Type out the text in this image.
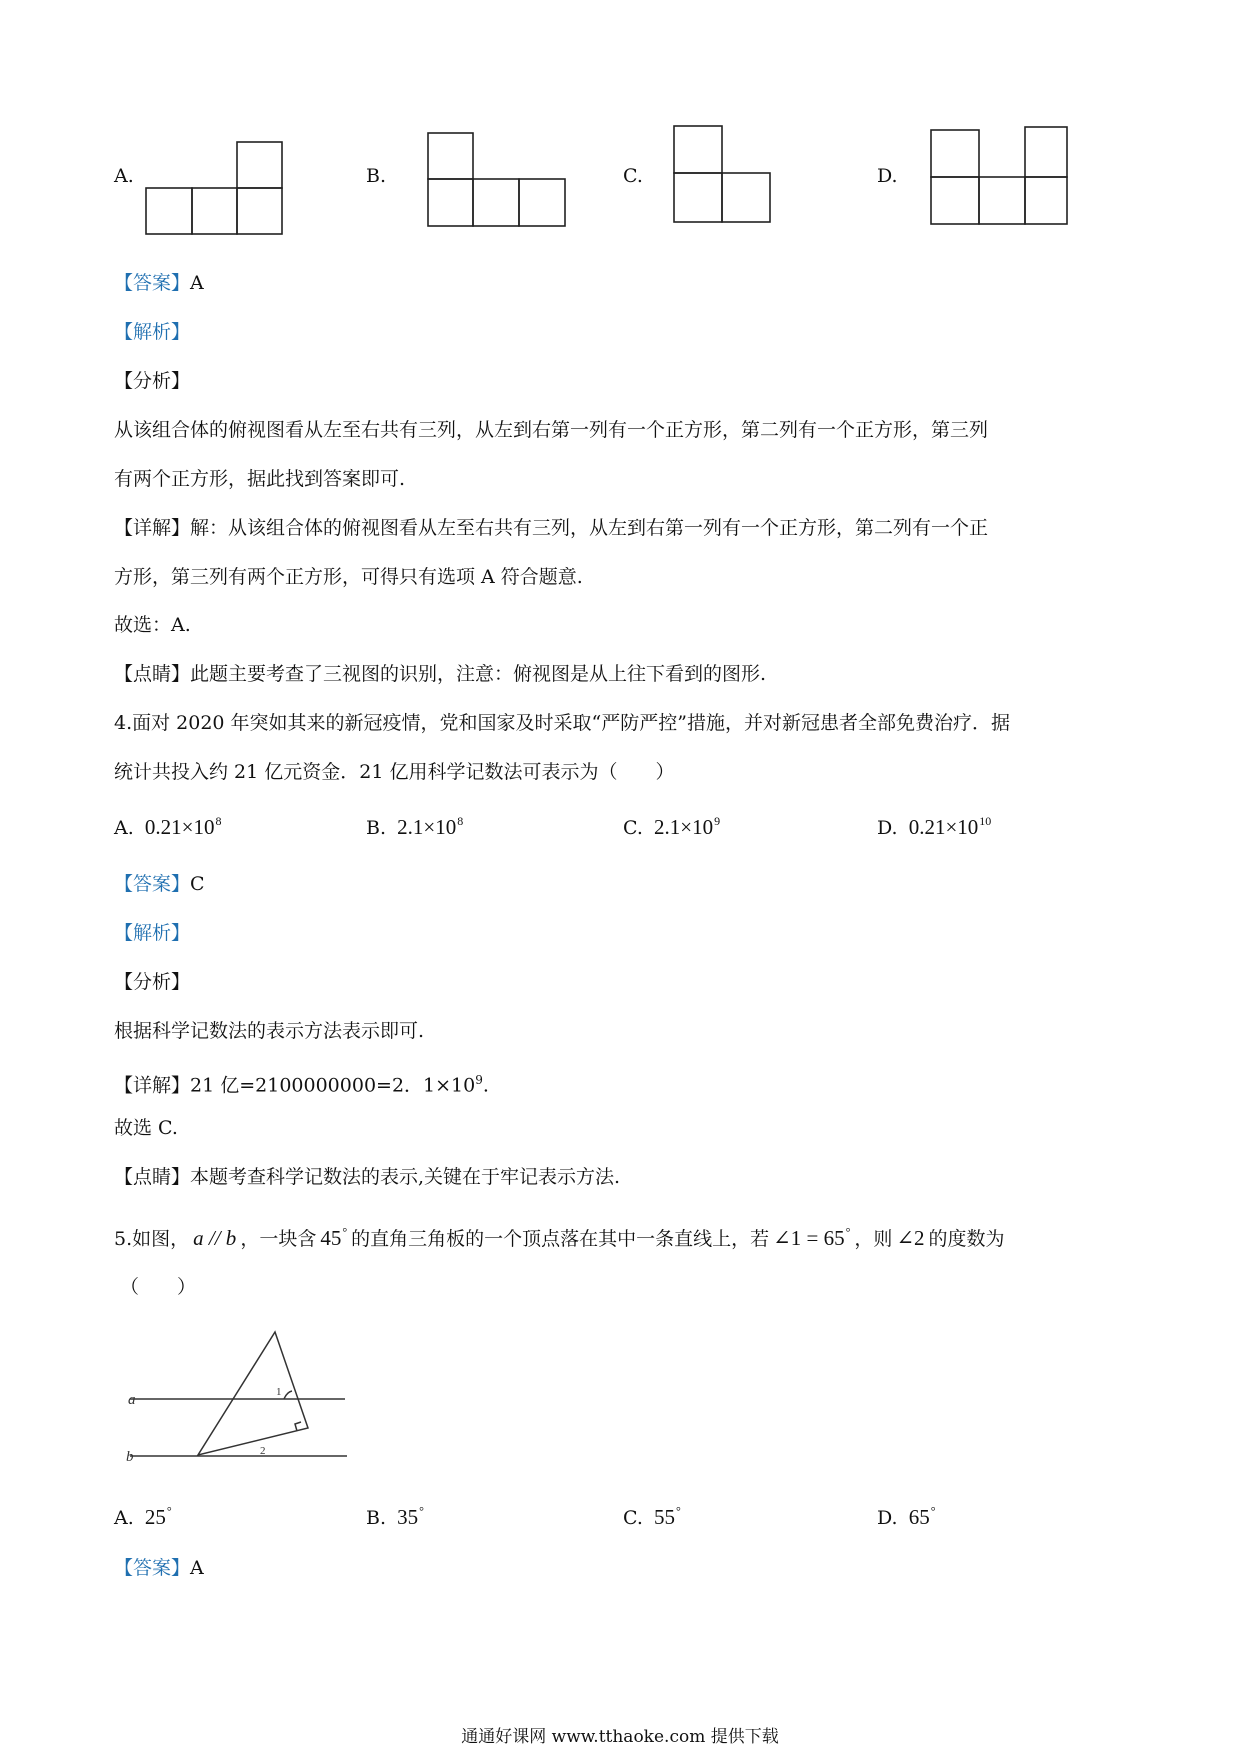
A.	B.	C.	D.
【答案】A
【解析】
【分析】
从该组合体的俯视图看从左至右共有三列，从左到右第一列有一个正方形，第二列有一个正方形，第三列
有两个正方形，据此找到答案即可.
【详解】解：从该组合体的俯视图看从左至右共有三列，从左到右第一列有一个正方形，第二列有一个正
方形，第三列有两个正方形，可得只有选项 A 符合题意.
故选：A.
【点睛】此题主要考查了三视图的识别，注意：俯视图是从上往下看到的图形.
4.面对 2020 年突如其来的新冠疫情，党和国家及时采取“严防严控”措施，并对新冠患者全部免费治疗．据
统计共投入约 21 亿元资金．21 亿用科学记数法可表示为（　　）
A. $0.21\times 10^8$	B. $2.1\times 10^8$	C. $2.1\times 10^9$	D. $0.21\times 10^{10}$
【答案】C
【解析】
【分析】
根据科学记数法的表示方法表示即可.
【详解】21 亿=2100000000=2．$1\times 10^9$.
故选 C.
【点睛】本题考查科学记数法的表示,关键在于牢记表示方法.
5.如图， a // b ，一块含 45° 的直角三角板的一个顶点落在其中一条直线上，若 ∠1 = 65° ，则 ∠2 的度数为
（　　）
a
b
1
2
A. 25°	B. 35°	C. 55°	D. 65°
【答案】A
通通好课网 www.tthaoke.com 提供下载
